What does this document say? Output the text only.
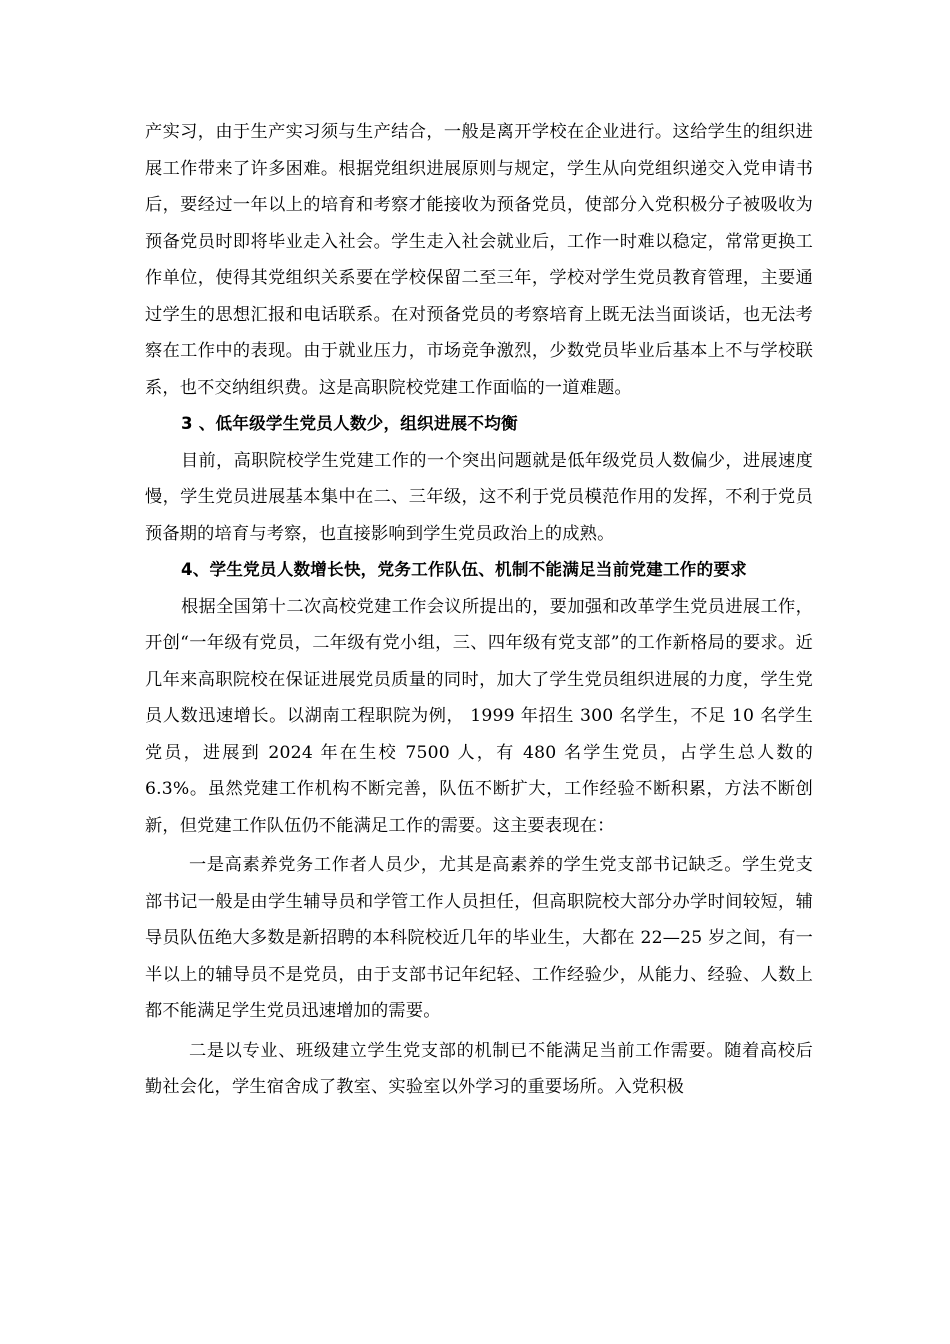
产实习，由于生产实习须与生产结合，一般是离开学校在企业进行。这给学生的组织进展工作带来了许多困难。根据党组织进展原则与规定，学生从向党组织递交入党申请书后，要经过一年以上的培育和考察才能接收为预备党员，使部分入党积极分子被吸收为预备党员时即将毕业走入社会。学生走入社会就业后，工作一时难以稳定，常常更换工作单位，使得其党组织关系要在学校保留二至三年，学校对学生党员教育管理，主要通过学生的思想汇报和电话联系。在对预备党员的考察培育上既无法当面谈话，也无法考察在工作中的表现。由于就业压力，市场竞争激烈，少数党员毕业后基本上不与学校联系，也不交纳组织费。这是高职院校党建工作面临的一道难题。

3 、低年级学生党员人数少，组织进展不均衡

目前，高职院校学生党建工作的一个突出问题就是低年级党员人数偏少，进展速度慢，学生党员进展基本集中在二、三年级，这不利于党员模范作用的发挥，不利于党员预备期的培育与考察，也直接影响到学生党员政治上的成熟。

4、学生党员人数增长快，党务工作队伍、机制不能满足当前党建工作的要求

根据全国第十二次高校党建工作会议所提出的，要加强和改革学生党员进展工作，开创“一年级有党员，二年级有党小组，三、四年级有党支部”的工作新格局的要求。近几年来高职院校在保证进展党员质量的同时，加大了学生党员组织进展的力度，学生党员人数迅速增长。以湖南工程职院为例， 1999 年招生 300 名学生，不足 10 名学生党员，进展到 2024 年在生校 7500 人，有 480 名学生党员，占学生总人数的 6.3%。虽然党建工作机构不断完善，队伍不断扩大，工作经验不断积累，方法不断创新，但党建工作队伍仍不能满足工作的需要。这主要表现在：

一是高素养党务工作者人员少，尤其是高素养的学生党支部书记缺乏。学生党支部书记一般是由学生辅导员和学管工作人员担任，但高职院校大部分办学时间较短，辅导员队伍绝大多数是新招聘的本科院校近几年的毕业生，大都在 22—25 岁之间，有一半以上的辅导员不是党员，由于支部书记年纪轻、工作经验少，从能力、经验、人数上都不能满足学生党员迅速增加的需要。

二是以专业、班级建立学生党支部的机制已不能满足当前工作需要。随着高校后勤社会化，学生宿舍成了教室、实验室以外学习的重要场所。入党积极
